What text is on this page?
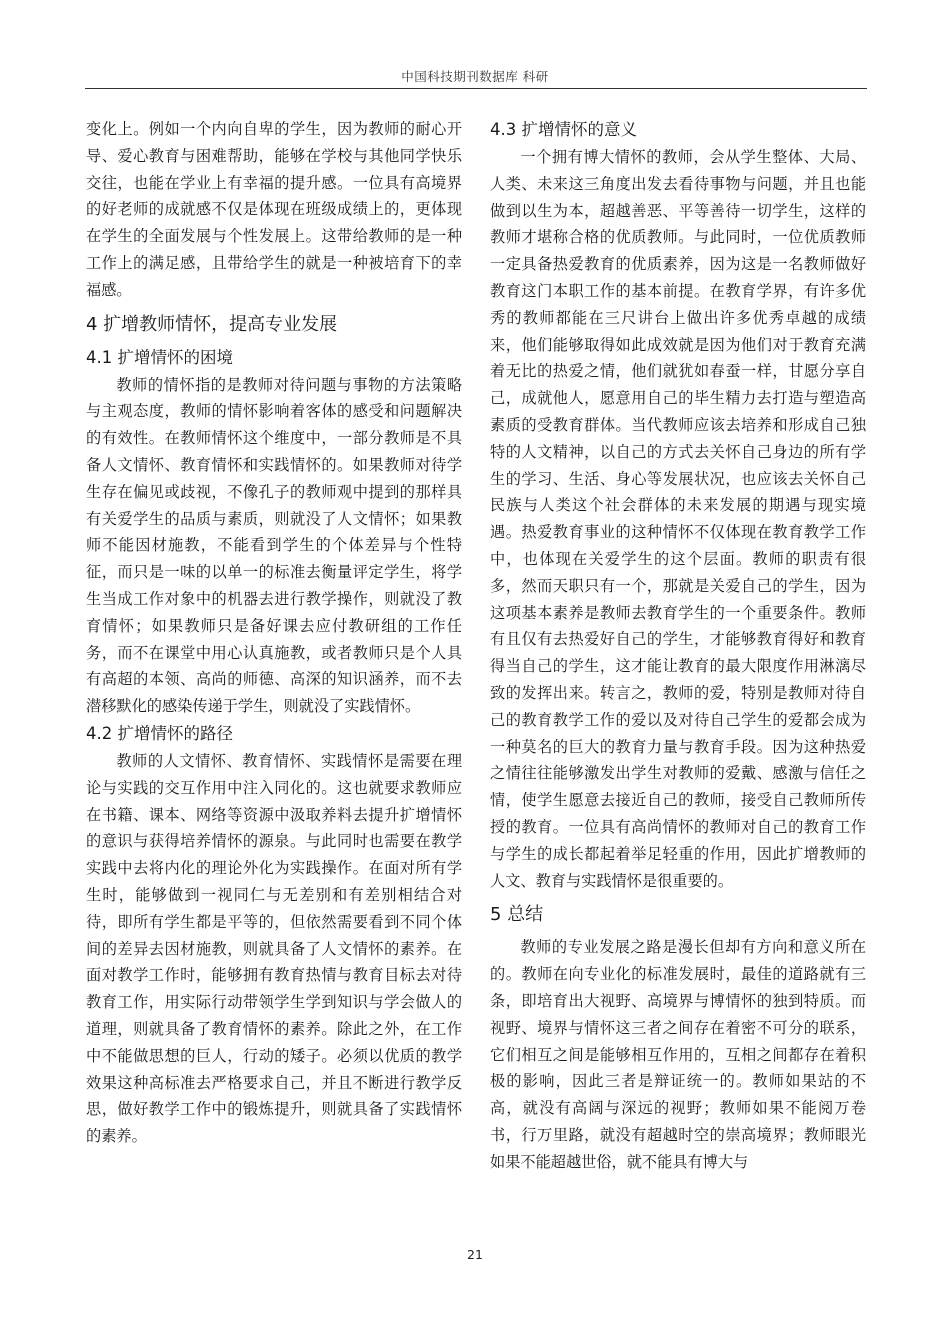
中国科技期刊数据库 科研

变化上。例如一个内向自卑的学生，因为教师的耐心开导、爱心教育与困难帮助，能够在学校与其他同学快乐交往，也能在学业上有幸福的提升感。一位具有高境界的好老师的成就感不仅是体现在班级成绩上的，更体现在学生的全面发展与个性发展上。这带给教师的是一种工作上的满足感，且带给学生的就是一种被培育下的幸福感。

4 扩增教师情怀，提高专业发展
4.1 扩增情怀的困境

教师的情怀指的是教师对待问题与事物的方法策略与主观态度，教师的情怀影响着客体的感受和问题解决的有效性。在教师情怀这个维度中，一部分教师是不具备人文情怀、教育情怀和实践情怀的。如果教师对待学生存在偏见或歧视，不像孔子的教师观中提到的那样具有关爱学生的品质与素质，则就没了人文情怀；如果教师不能因材施教，不能看到学生的个体差异与个性特征，而只是一味的以单一的标准去衡量评定学生，将学生当成工作对象中的机器去进行教学操作，则就没了教育情怀；如果教师只是备好课去应付教研组的工作任务，而不在课堂中用心认真施教，或者教师只是个人具有高超的本领、高尚的师德、高深的知识涵养，而不去潜移默化的感染传递于学生，则就没了实践情怀。

4.2 扩增情怀的路径

教师的人文情怀、教育情怀、实践情怀是需要在理论与实践的交互作用中注入同化的。这也就要求教师应在书籍、课本、网络等资源中汲取养料去提升扩增情怀的意识与获得培养情怀的源泉。与此同时也需要在教学实践中去将内化的理论外化为实践操作。在面对所有学生时，能够做到一视同仁与无差别和有差别相结合对待，即所有学生都是平等的，但依然需要看到不同个体间的差异去因材施教，则就具备了人文情怀的素养。在面对教学工作时，能够拥有教育热情与教育目标去对待教育工作，用实际行动带领学生学到知识与学会做人的道理，则就具备了教育情怀的素养。除此之外，在工作中不能做思想的巨人，行动的矮子。必须以优质的教学效果这种高标准去严格要求自己，并且不断进行教学反思，做好教学工作中的锻炼提升，则就具备了实践情怀的素养。

4.3 扩增情怀的意义

一个拥有博大情怀的教师，会从学生整体、大局、人类、未来这三角度出发去看待事物与问题，并且也能做到以生为本，超越善恶、平等善待一切学生，这样的教师才堪称合格的优质教师。与此同时，一位优质教师一定具备热爱教育的优质素养，因为这是一名教师做好教育这门本职工作的基本前提。在教育学界，有许多优秀的教师都能在三尺讲台上做出许多优秀卓越的成绩来，他们能够取得如此成效就是因为他们对于教育充满着无比的热爱之情，他们就犹如春蚕一样，甘愿分享自己，成就他人，愿意用自己的毕生精力去打造与塑造高素质的受教育群体。当代教师应该去培养和形成自己独特的人文精神，以自己的方式去关怀自己身边的所有学生的学习、生活、身心等发展状况，也应该去关怀自己民族与人类这个社会群体的未来发展的期遇与现实境遇。热爱教育事业的这种情怀不仅体现在教育教学工作中，也体现在关爱学生的这个层面。教师的职责有很多，然而天职只有一个，那就是关爱自己的学生，因为这项基本素养是教师去教育学生的一个重要条件。教师有且仅有去热爱好自己的学生，才能够教育得好和教育得当自己的学生，这才能让教育的最大限度作用淋漓尽致的发挥出来。转言之，教师的爱，特别是教师对待自己的教育教学工作的爱以及对待自己学生的爱都会成为一种莫名的巨大的教育力量与教育手段。因为这种热爱之情往往能够激发出学生对教师的爱戴、感激与信任之情，使学生愿意去接近自己的教师，接受自己教师所传授的教育。一位具有高尚情怀的教师对自己的教育工作与学生的成长都起着举足轻重的作用，因此扩增教师的人文、教育与实践情怀是很重要的。

5 总结

教师的专业发展之路是漫长但却有方向和意义所在的。教师在向专业化的标准发展时，最佳的道路就有三条，即培育出大视野、高境界与博情怀的独到特质。而视野、境界与情怀这三者之间存在着密不可分的联系，它们相互之间是能够相互作用的，互相之间都存在着积极的影响，因此三者是辩证统一的。教师如果站的不高，就没有高阔与深远的视野；教师如果不能阅万卷书，行万里路，就没有超越时空的崇高境界；教师眼光如果不能超越世俗，就不能具有博大与

21
